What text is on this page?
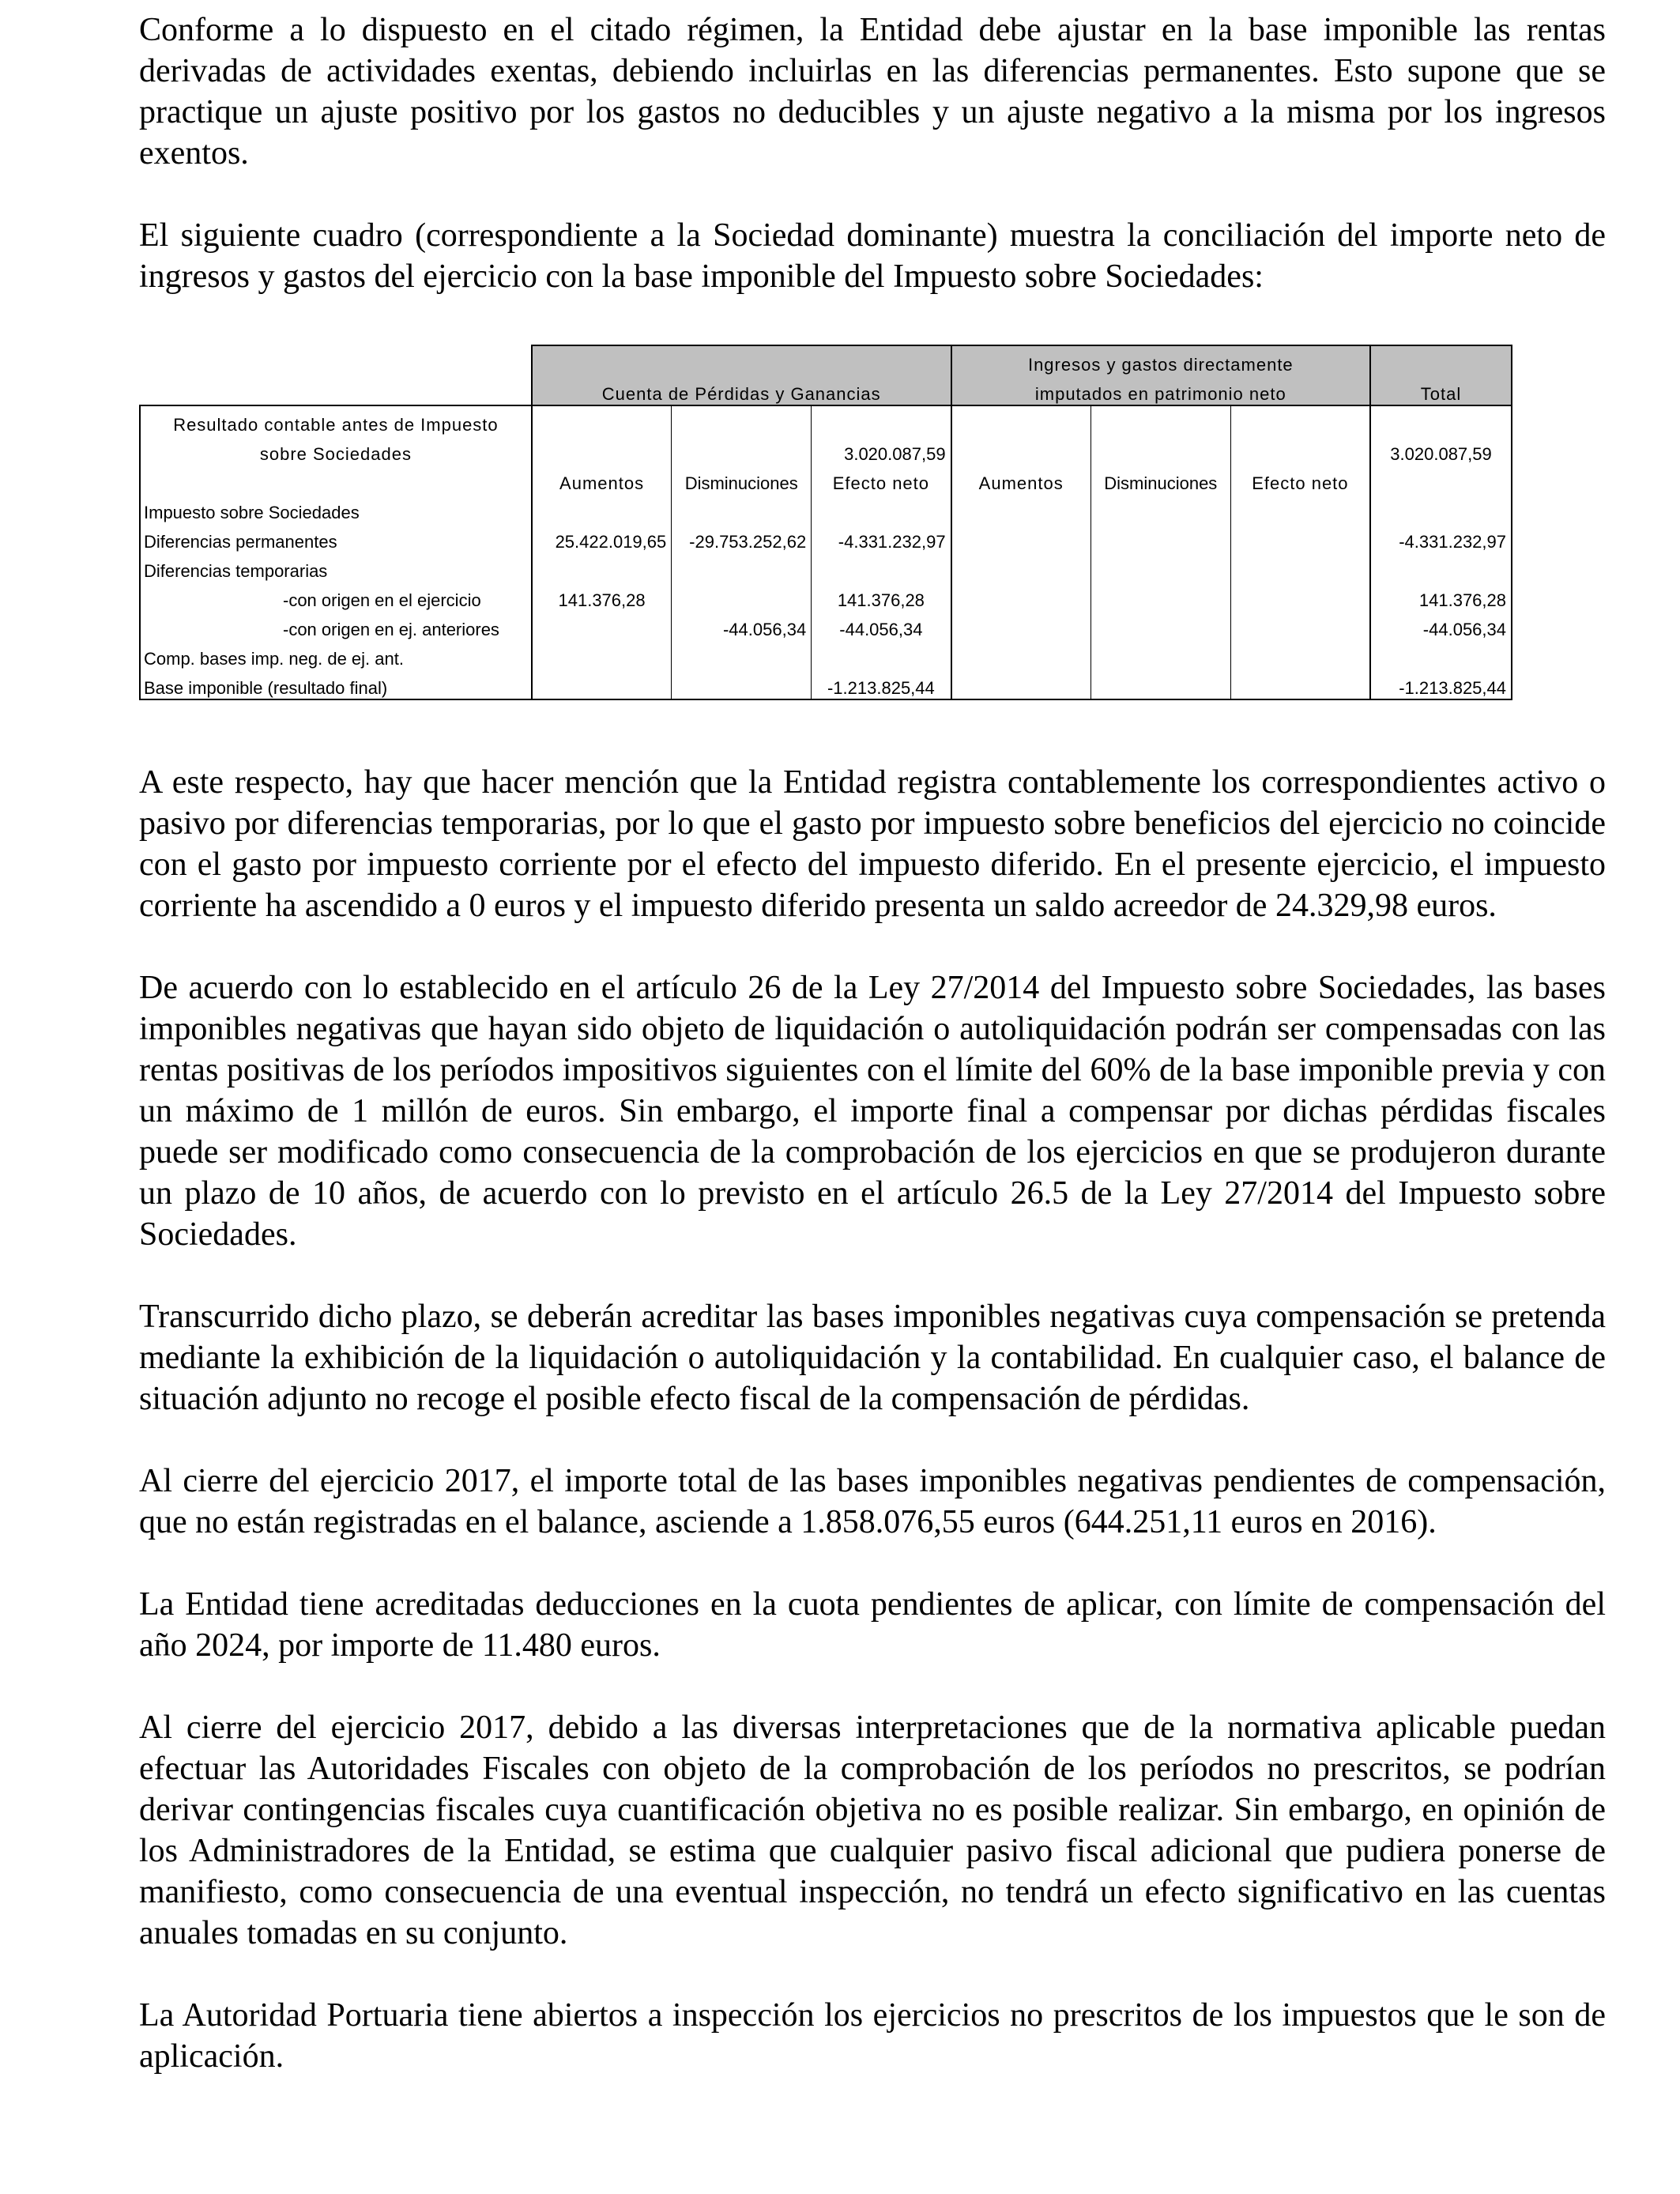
Conforme a lo dispuesto en el citado régimen, la Entidad debe ajustar en la base imponible las rentas derivadas de actividades exentas, debiendo incluirlas en las diferencias permanentes. Esto supone que se practique un ajuste positivo por los gastos no deducibles y un ajuste negativo a la misma por los ingresos exentos.

El siguiente cuadro (correspondiente a la Sociedad dominante) muestra la conciliación del importe neto de ingresos y gastos del ejercicio con la base imponible del Impuesto sobre Sociedades:

	Cuenta de Pérdidas y Ganancias			Ingresos y gastos directamente			Total
				imputados en patrimonio neto			
Resultado contable antes de Impuesto							
sobre Sociedades			3.020.087,59				3.020.087,59
	Aumentos	Disminuciones	Efecto neto	Aumentos	Disminuciones	Efecto neto	
Impuesto sobre Sociedades							
Diferencias permanentes	25.422.019,65	-29.753.252,62	-4.331.232,97				-4.331.232,97
Diferencias temporarias							
-con origen en el ejercicio	141.376,28		141.376,28				141.376,28
-con origen en ej. anteriores		-44.056,34	-44.056,34				-44.056,34
Comp. bases imp. neg. de ej. ant.							
Base imponible (resultado final)			-1.213.825,44				-1.213.825,44

A este respecto, hay que hacer mención que la Entidad registra contablemente los correspondientes activo o pasivo por diferencias temporarias, por lo que el gasto por impuesto sobre beneficios del ejercicio no coincide con el gasto por impuesto corriente por el efecto del impuesto diferido. En el presente ejercicio, el impuesto corriente ha ascendido a 0 euros y el impuesto diferido presenta un saldo acreedor de 24.329,98 euros.

De acuerdo con lo establecido en el artículo 26 de la Ley 27/2014 del Impuesto sobre Sociedades, las bases imponibles negativas que hayan sido objeto de liquidación o autoliquidación podrán ser compensadas con las rentas positivas de los períodos impositivos siguientes con el límite del 60% de la base imponible previa y con un máximo de 1 millón de euros. Sin embargo, el importe final a compensar por dichas pérdidas fiscales puede ser modificado como consecuencia de la comprobación de los ejercicios en que se produjeron durante un plazo de 10 años, de acuerdo con lo previsto en el artículo 26.5 de la Ley 27/2014 del Impuesto sobre Sociedades.

Transcurrido dicho plazo, se deberán acreditar las bases imponibles negativas cuya compensación se pretenda mediante la exhibición de la liquidación o autoliquidación y la contabilidad. En cualquier caso, el balance de situación adjunto no recoge el posible efecto fiscal de la compensación de pérdidas.

Al cierre del ejercicio 2017, el importe total de las bases imponibles negativas pendientes de compensación, que no están registradas en el balance, asciende a 1.858.076,55 euros (644.251,11 euros en 2016).

La Entidad tiene acreditadas deducciones en la cuota pendientes de aplicar, con límite de compensación del año 2024, por importe de 11.480 euros.

Al cierre del ejercicio 2017, debido a las diversas interpretaciones que de la normativa aplicable puedan efectuar las Autoridades Fiscales con objeto de la comprobación de los períodos no prescritos, se podrían derivar contingencias fiscales cuya cuantificación objetiva no es posible realizar. Sin embargo, en opinión de los Administradores de la Entidad, se estima que cualquier pasivo fiscal adicional que pudiera ponerse de manifiesto, como consecuencia de una eventual inspección, no tendrá un efecto significativo en las cuentas anuales tomadas en su conjunto.

La Autoridad Portuaria tiene abiertos a inspección los ejercicios no prescritos de los impuestos que le son de aplicación.
